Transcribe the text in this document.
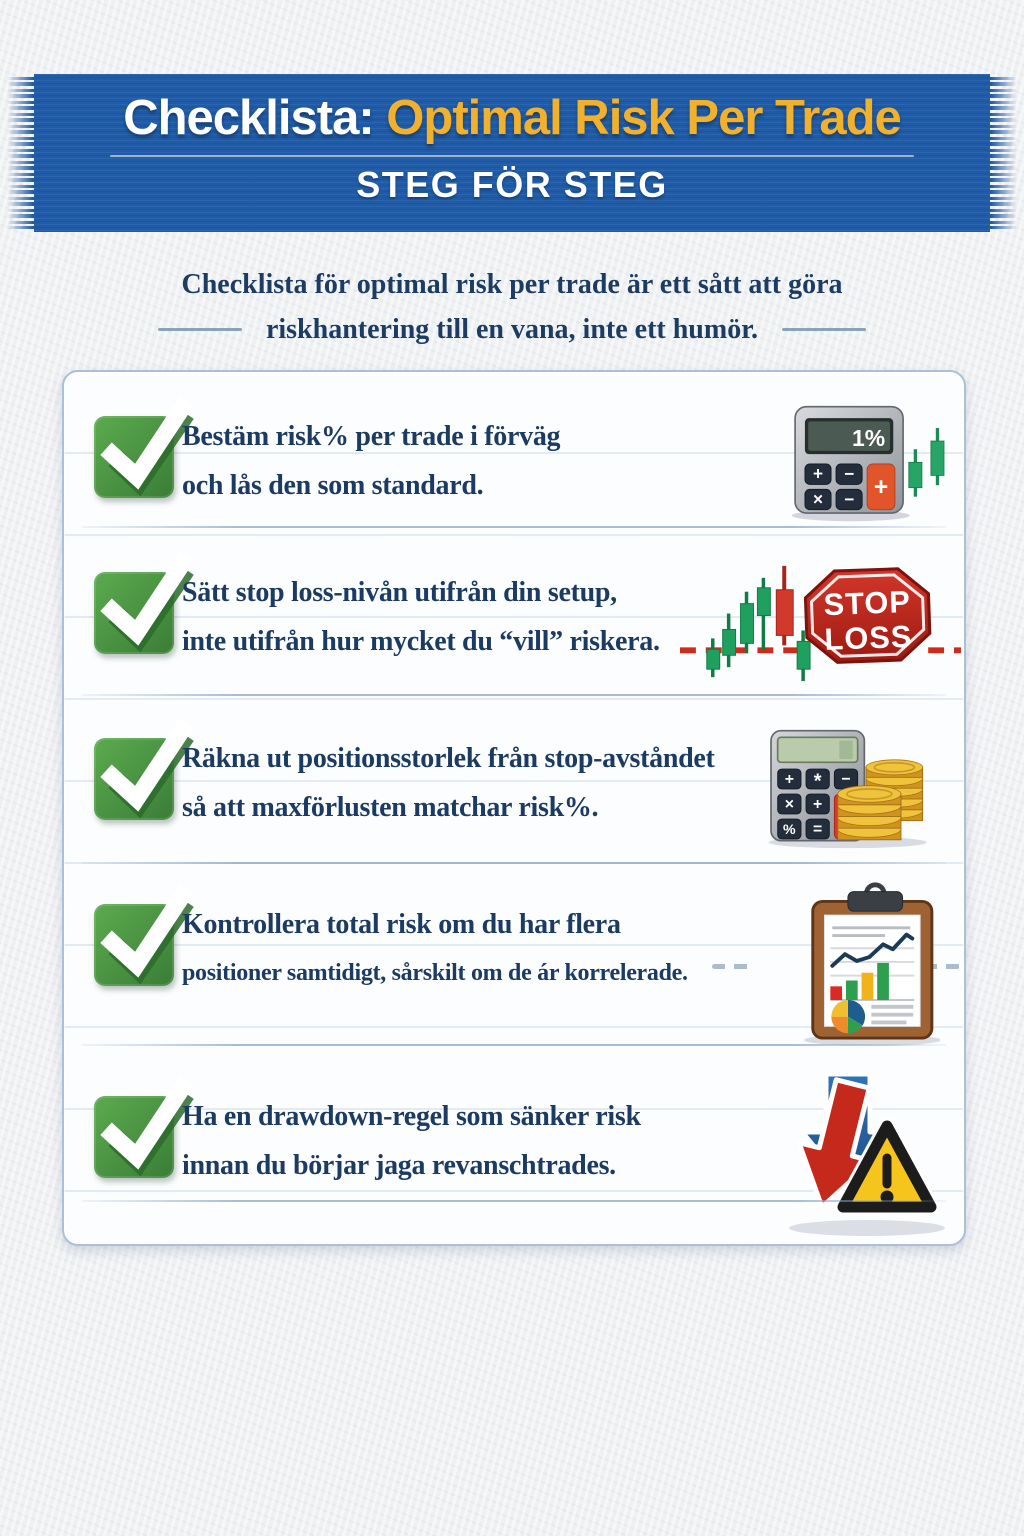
Checklista: Optimal Risk Per Trade
STEG FÖR STEG
Checklista för optimal risk per trade är ett sått att göra
riskhantering till en vana, inte ett humör.
Bestäm risk% per trade i förväg
och lås den som standard.
1%
+ −
× − +
Sätt stop loss-nivån utifrån din setup,
inte utifrån hur mycket du “vill” riskera.
STOP
LOSS
Räkna ut positionsstorlek från stop-avståndet
så att maxförlusten matchar risk%.
+ * −
× +
% =
Kontrollera total risk om du har flera
positioner samtidigt, sårskilt om de ár korrelerade.
Ha en drawdown-regel som sänker risk
innan du börjar jaga revanschtrades.
